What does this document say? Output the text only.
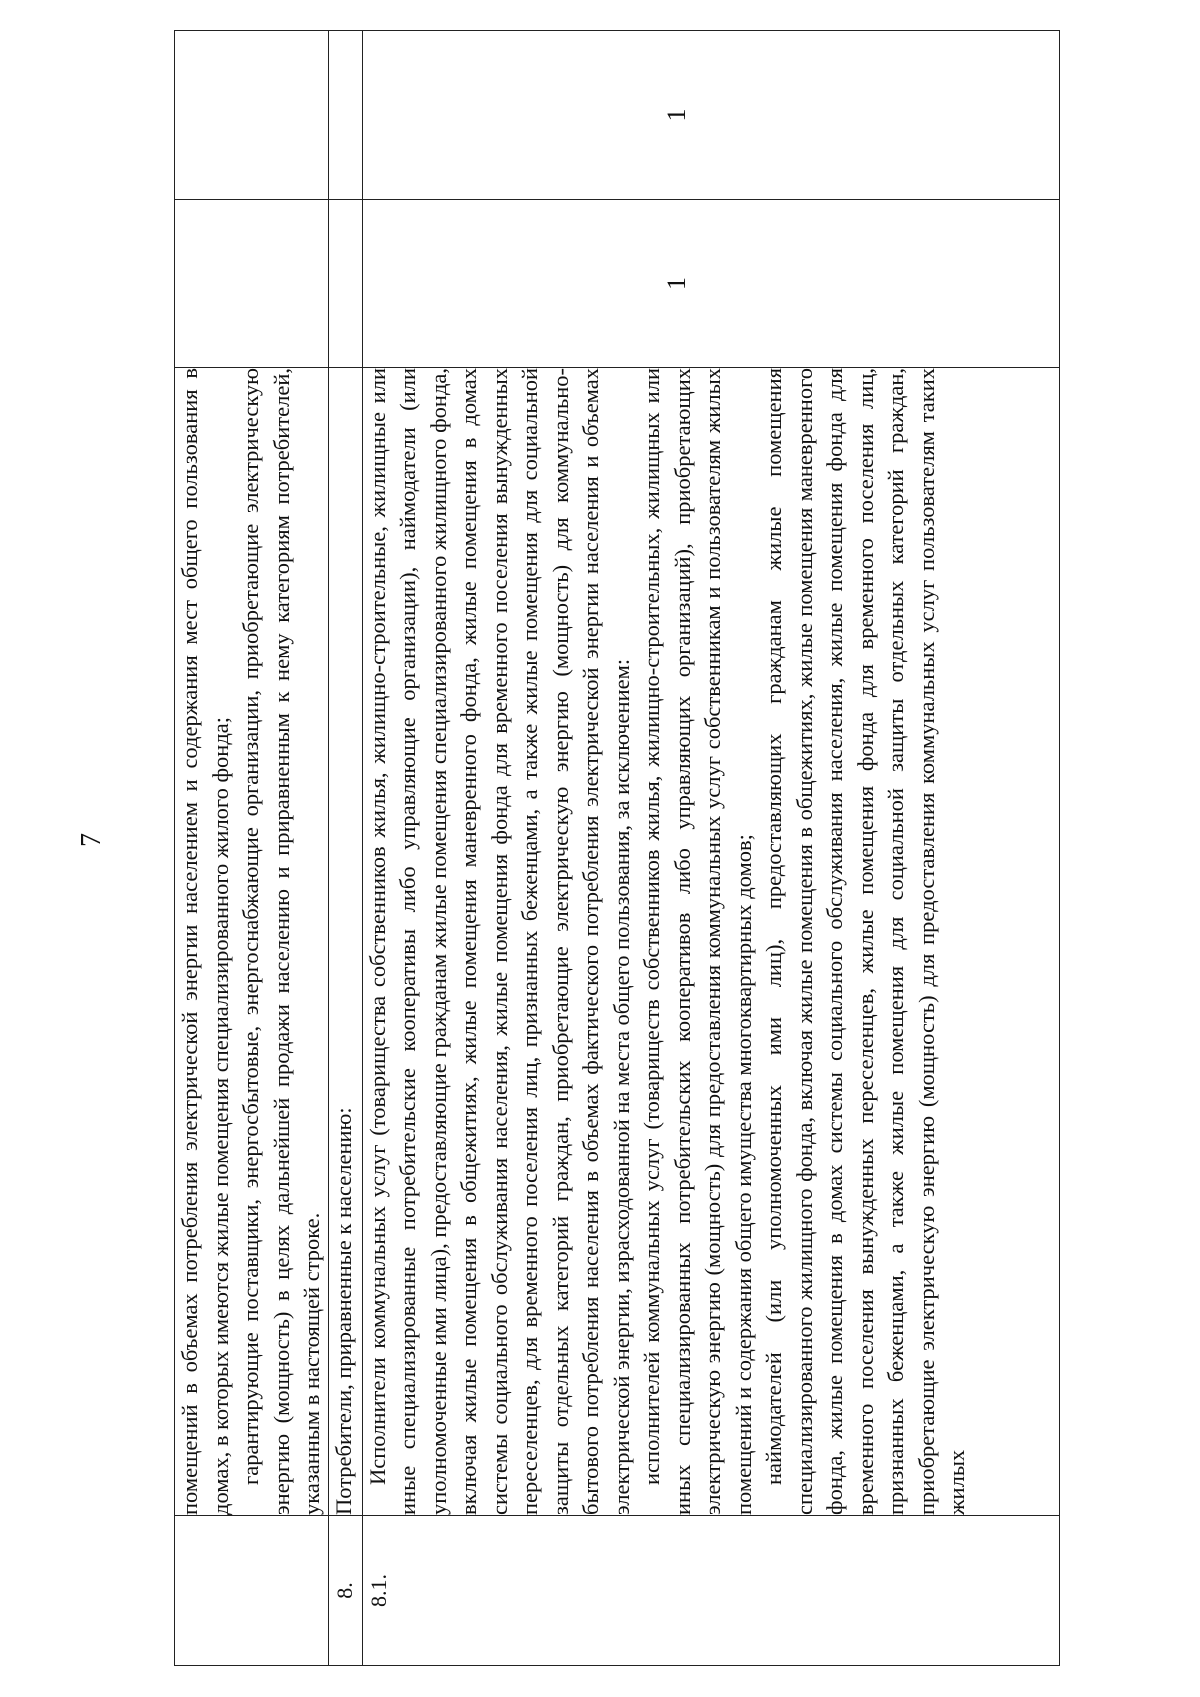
7

	помещений в объемах потребления электрической энергии населением и содержания мест общего пользования в домах, в которых имеются жилые помещения специализированного жилого фонда; гарантирующие поставщики, энергосбытовые, энергоснабжающие организации, приобретающие электрическую энергию (мощность) в целях дальнейшей продажи населению и приравненным к нему категориям потребителей, указанным в настоящей строке.		

8.	Потребители, приравненные к населению:		

8.1.	Исполнители коммунальных услуг (товарищества собственников жилья, жилищно-строительные, жилищные или иные специализированные потребительские кооперативы либо управляющие организации), наймодатели (или уполномоченные ими лица), предоставляющие гражданам жилые помещения специализированного жилищного фонда, включая жилые помещения в общежитиях, жилые помещения маневренного фонда, жилые помещения в домах системы социального обслуживания населения, жилые помещения фонда для временного поселения вынужденных переселенцев, для временного поселения лиц, признанных беженцами, а также жилые помещения для социальной защиты отдельных категорий граждан, приобретающие электрическую энергию (мощность) для коммунально-бытового потребления населения в объемах фактического потребления электрической энергии населения и объемах электрической энергии, израсходованной на места общего пользования, за исключением: исполнителей коммунальных услуг (товариществ собственников жилья, жилищно-строительных, жилищных или иных специализированных потребительских кооперативов либо управляющих организаций), приобретающих электрическую энергию (мощность) для предоставления коммунальных услуг собственникам и пользователям жилых помещений и содержания общего имущества многоквартирных домов; наймодателей (или уполномоченных ими лиц), предоставляющих гражданам жилые помещения специализированного жилищного фонда, включая жилые помещения в общежитиях, жилые помещения маневренного фонда, жилые помещения в домах системы социального обслуживания населения, жилые помещения фонда для временного поселения вынужденных переселенцев, жилые помещения фонда для временного поселения лиц, признанных беженцами, а также жилые помещения для социальной защиты отдельных категорий граждан, приобретающие электрическую энергию (мощность) для предоставления коммунальных услуг пользователям таких жилых	1	1
